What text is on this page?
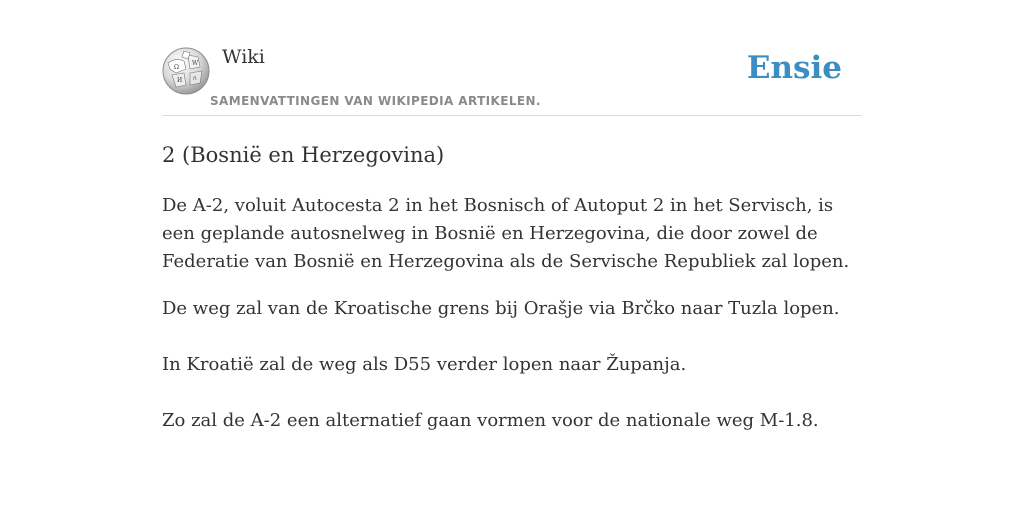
Ω
W
И ก
Wiki
SAMENVATTINGEN VAN WIKIPEDIA ARTIKELEN.
Ensie
2 (Bosnië en Herzegovina)

De A-2, voluit Autocesta 2 in het Bosnisch of Autoput 2 in het Servisch, is een geplande autosnelweg in Bosnië en Herzegovina, die door zowel de Federatie van Bosnië en Herzegovina als de Servische Republiek zal lopen.

De weg zal van de Kroatische grens bij Orašje via Brčko naar Tuzla lopen.

In Kroatië zal de weg als D55 verder lopen naar Županja.

Zo zal de A-2 een alternatief gaan vormen voor de nationale weg M-1.8.
